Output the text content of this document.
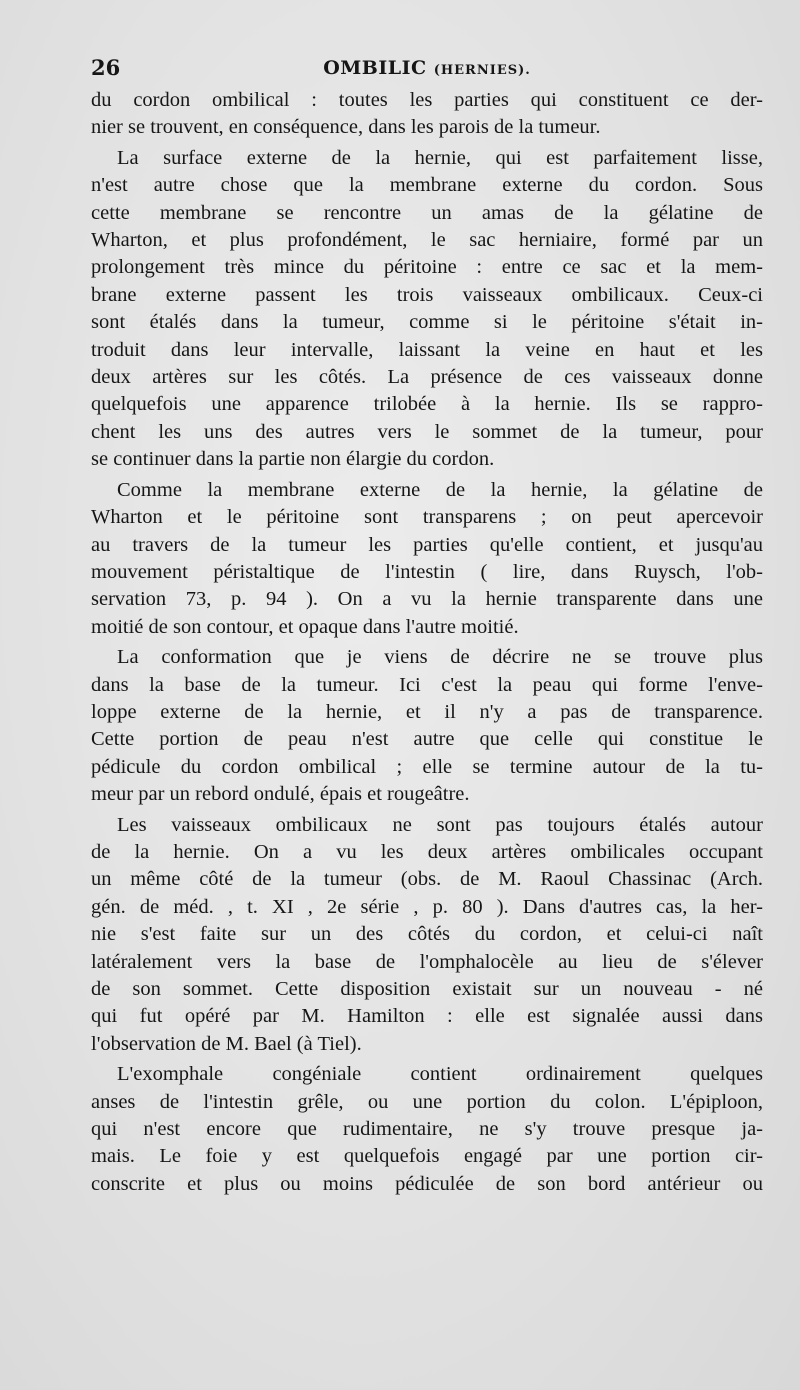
26	OMBILIC (HERNIES).

du cordon ombilical : toutes les parties qui constituent ce der-
nier se trouvent, en conséquence, dans les parois de la tumeur.

La surface externe de la hernie, qui est parfaitement lisse,
n'est autre chose que la membrane externe du cordon. Sous
cette membrane se rencontre un amas de la gélatine de
Wharton, et plus profondément, le sac herniaire, formé par un
prolongement très mince du péritoine : entre ce sac et la mem-
brane externe passent les trois vaisseaux ombilicaux. Ceux-ci
sont étalés dans la tumeur, comme si le péritoine s'était in-
troduit dans leur intervalle, laissant la veine en haut et les
deux artères sur les côtés. La présence de ces vaisseaux donne
quelquefois une apparence trilobée à la hernie. Ils se rappro-
chent les uns des autres vers le sommet de la tumeur, pour
se continuer dans la partie non élargie du cordon.

Comme la membrane externe de la hernie, la gélatine de
Wharton et le péritoine sont transparens ; on peut apercevoir
au travers de la tumeur les parties qu'elle contient, et jusqu'au
mouvement péristaltique de l'intestin ( lire, dans Ruysch, l'ob-
servation 73, p. 94 ). On a vu la hernie transparente dans une
moitié de son contour, et opaque dans l'autre moitié.

La conformation que je viens de décrire ne se trouve plus
dans la base de la tumeur. Ici c'est la peau qui forme l'enve-
loppe externe de la hernie, et il n'y a pas de transparence.
Cette portion de peau n'est autre que celle qui constitue le
pédicule du cordon ombilical ; elle se termine autour de la tu-
meur par un rebord ondulé, épais et rougeâtre.

Les vaisseaux ombilicaux ne sont pas toujours étalés autour
de la hernie. On a vu les deux artères ombilicales occupant
un même côté de la tumeur (obs. de M. Raoul Chassinac (Arch.
gén. de méd. , t. XI , 2e série , p. 80 ). Dans d'autres cas, la her-
nie s'est faite sur un des côtés du cordon, et celui-ci naît
latéralement vers la base de l'omphalocèle au lieu de s'élever
de son sommet. Cette disposition existait sur un nouveau - né
qui fut opéré par M. Hamilton : elle est signalée aussi dans
l'observation de M. Bael (à Tiel).

L'exomphale congéniale contient ordinairement quelques
anses de l'intestin grêle, ou une portion du colon. L'épiploon,
qui n'est encore que rudimentaire, ne s'y trouve presque ja-
mais. Le foie y est quelquefois engagé par une portion cir-
conscrite et plus ou moins pédiculée de son bord antérieur ou
